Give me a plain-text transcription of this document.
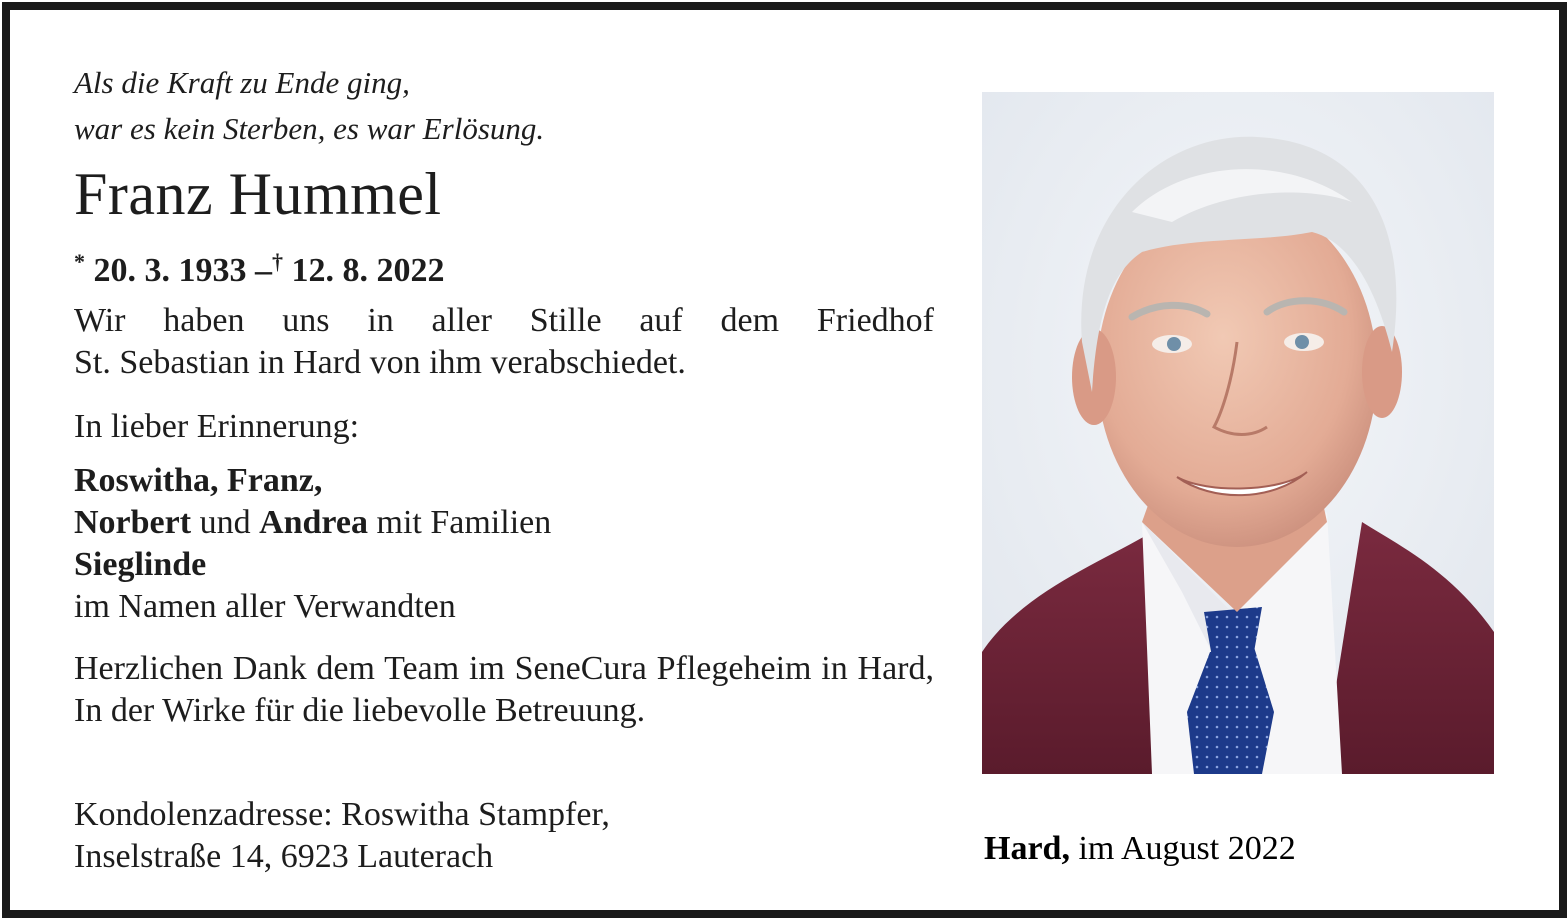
Als die Kraft zu Ende ging,
war es kein Sterben, es war Erlösung.
Franz Hummel
* 20. 3. 1933 –† 12. 8. 2022
Wir haben uns in aller Stille auf dem Friedhof
St. Sebastian in Hard von ihm verabschiedet.
In lieber Erinnerung:
Roswitha, Franz,
Norbert und Andrea mit Familien
Sieglinde
im Namen aller Verwandten
Herzlichen Dank dem Team im SeneCura Pflegeheim in Hard, In der Wirke für die liebevolle Betreuung.
Kondolenzadresse: Roswitha Stampfer,
Inselstraße 14, 6923 Lauterach	Hard, im August 2022
